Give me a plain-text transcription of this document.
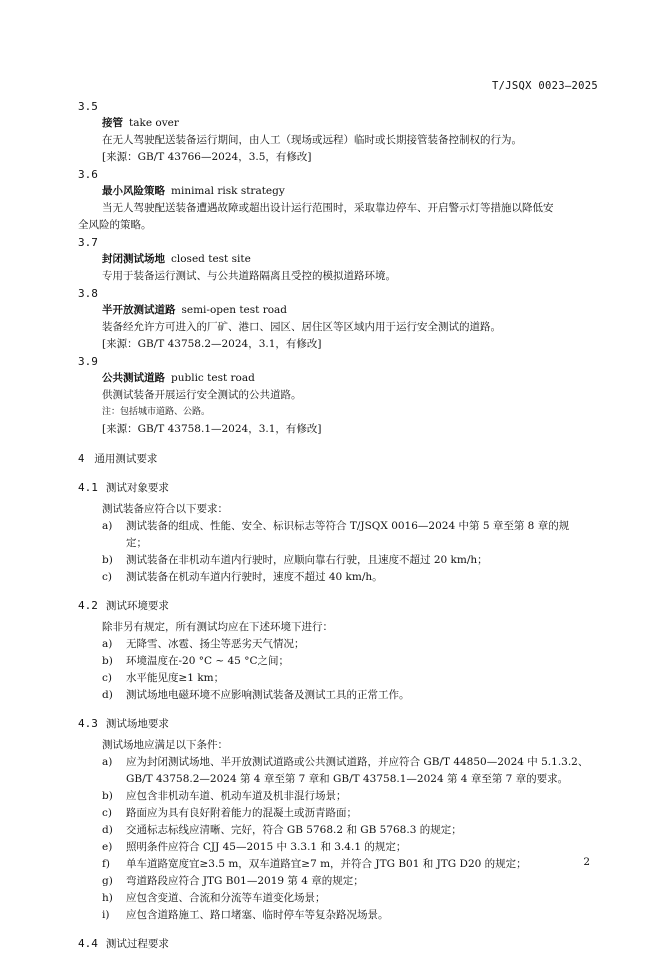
T/JSQX 0023—2025
3.5
接管 take over
在无人驾驶配送装备运行期间，由人工（现场或远程）临时或长期接管装备控制权的行为。
[来源：GB/T 43766—2024，3.5，有修改]
3.6
最小风险策略 minimal risk strategy
当无人驾驶配送装备遭遇故障或超出设计运行范围时，采取靠边停车、开启警示灯等措施以降低安
全风险的策略。
3.7
封闭测试场地 closed test site
专用于装备运行测试、与公共道路隔离且受控的模拟道路环境。
3.8
半开放测试道路 semi-open test road
装备经允许方可进入的厂矿、港口、园区、居住区等区域内用于运行安全测试的道路。
[来源：GB/T 43758.2—2024，3.1，有修改]
3.9
公共测试道路 public test road
供测试装备开展运行安全测试的公共道路。
注：包括城市道路、公路。
[来源：GB/T 43758.1—2024，3.1，有修改]
4 通用测试要求
4.1 测试对象要求
测试装备应符合以下要求：
a) 测试装备的组成、性能、安全、标识标志等符合 T/JSQX 0016—2024 中第 5 章至第 8 章的规
定；
b) 测试装备在非机动车道内行驶时，应顺向靠右行驶，且速度不超过 20 km/h；
c) 测试装备在机动车道内行驶时，速度不超过 40 km/h。
4.2 测试环境要求
除非另有规定，所有测试均应在下述环境下进行：
a) 无降雪、冰雹、扬尘等恶劣天气情况；
b) 环境温度在-20 °C ~ 45 °C之间；
c) 水平能见度≥1 km；
d) 测试场地电磁环境不应影响测试装备及测试工具的正常工作。
4.3 测试场地要求
测试场地应满足以下条件：
a) 应为封闭测试场地、半开放测试道路或公共测试道路，并应符合 GB/T 44850—2024 中 5.1.3.2、
GB/T 43758.2—2024 第 4 章至第 7 章和 GB/T 43758.1—2024 第 4 章至第 7 章的要求。
b) 应包含非机动车道、机动车道及机非混行场景；
c) 路面应为具有良好附着能力的混凝土或沥青路面；
d) 交通标志标线应清晰、完好，符合 GB 5768.2 和 GB 5768.3 的规定；
e) 照明条件应符合 CJJ 45—2015 中 3.3.1 和 3.4.1 的规定；
f) 单车道路宽度宜≥3.5 m，双车道路宜≥7 m，并符合 JTG B01 和 JTG D20 的规定；
g) 弯道路段应符合 JTG B01—2019 第 4 章的规定；
h) 应包含变道、合流和分流等车道变化场景；
i) 应包含道路施工、路口堵塞、临时停车等复杂路况场景。
4.4 测试过程要求
2
